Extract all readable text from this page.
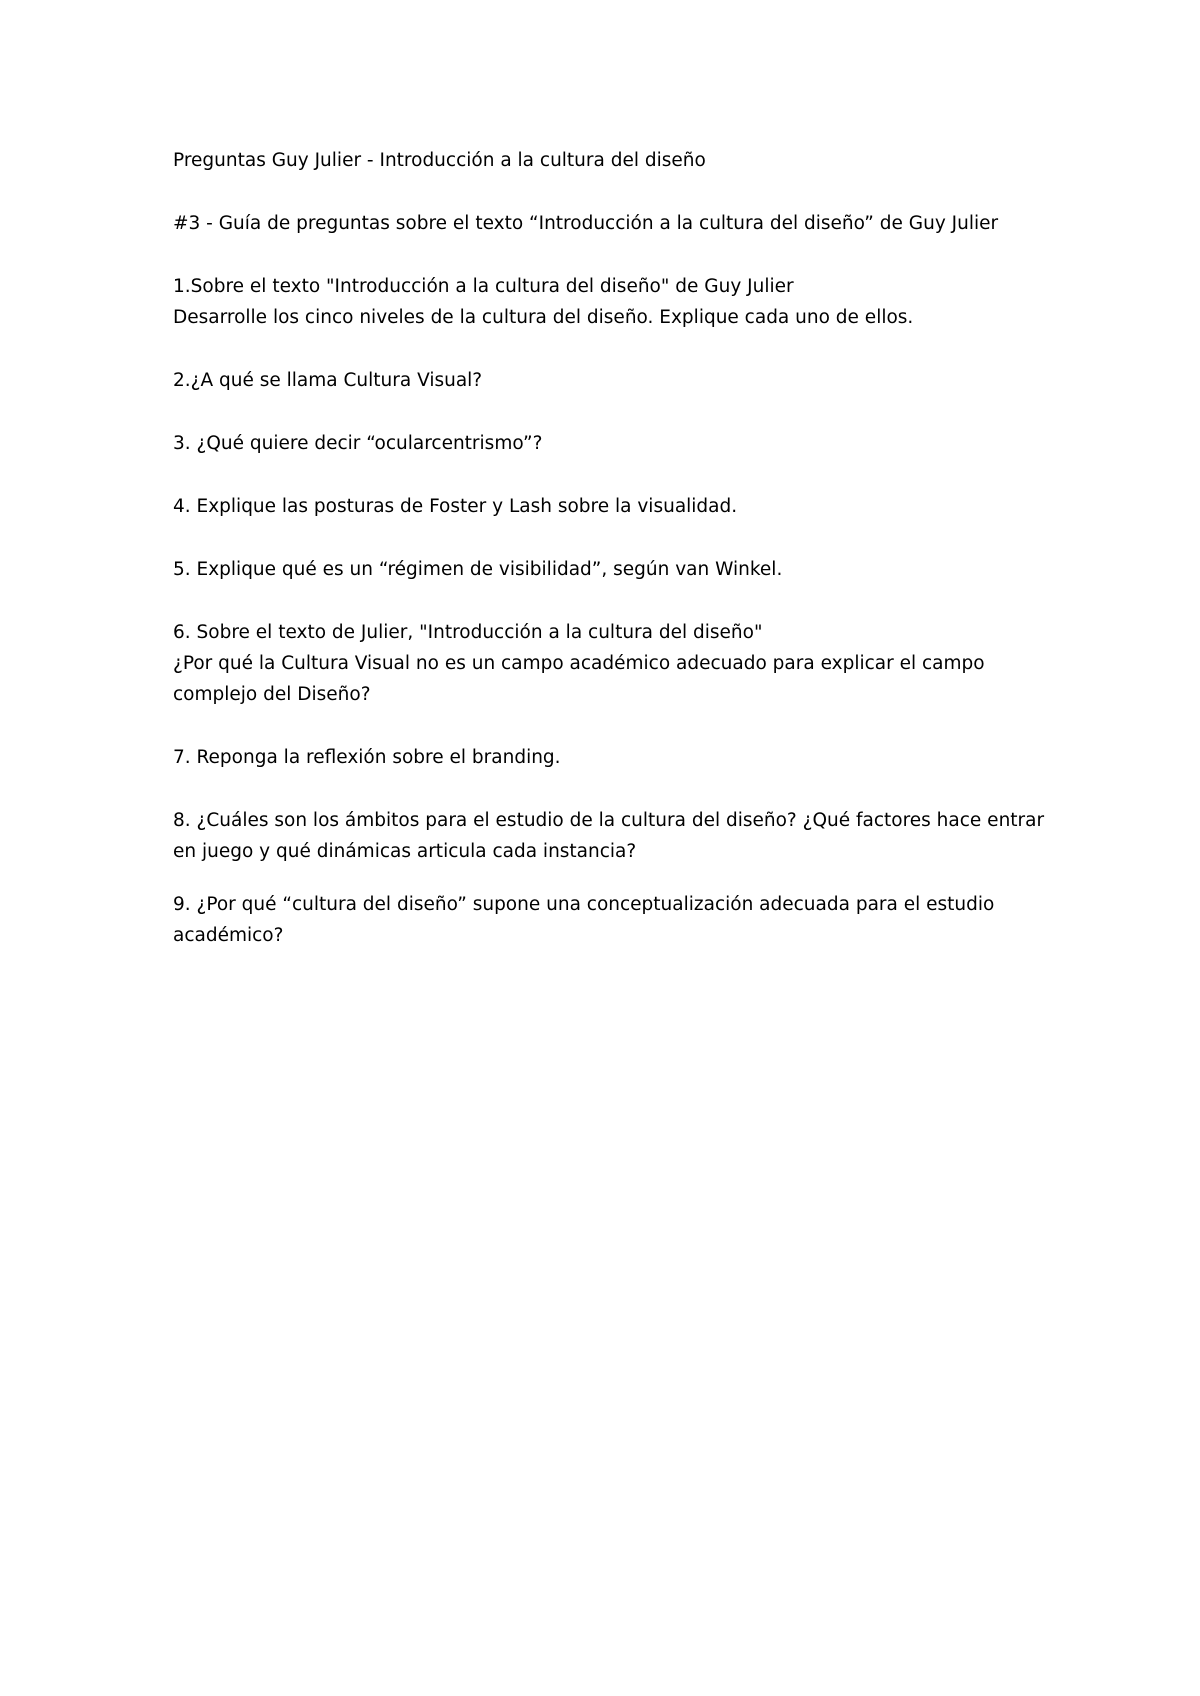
Preguntas Guy Julier - Introducción a la cultura del diseño

#3 - Guía de preguntas sobre el texto “Introducción a la cultura del diseño” de Guy Julier

1.Sobre el texto "Introducción a la cultura del diseño" de Guy Julier
Desarrolle los cinco niveles de la cultura del diseño. Explique cada uno de ellos.

2.¿A qué se llama Cultura Visual?

3. ¿Qué quiere decir “ocularcentrismo”?

4. Explique las posturas de Foster y Lash sobre la visualidad.

5. Explique qué es un “régimen de visibilidad”, según van Winkel.

6. Sobre el texto de Julier, "Introducción a la cultura del diseño"
¿Por qué la Cultura Visual no es un campo académico adecuado para explicar el campo
complejo del Diseño?

7. Reponga la reflexión sobre el branding.

8. ¿Cuáles son los ámbitos para el estudio de la cultura del diseño? ¿Qué factores hace entrar
en juego y qué dinámicas articula cada instancia?

9. ¿Por qué “cultura del diseño” supone una conceptualización adecuada para el estudio
académico?
